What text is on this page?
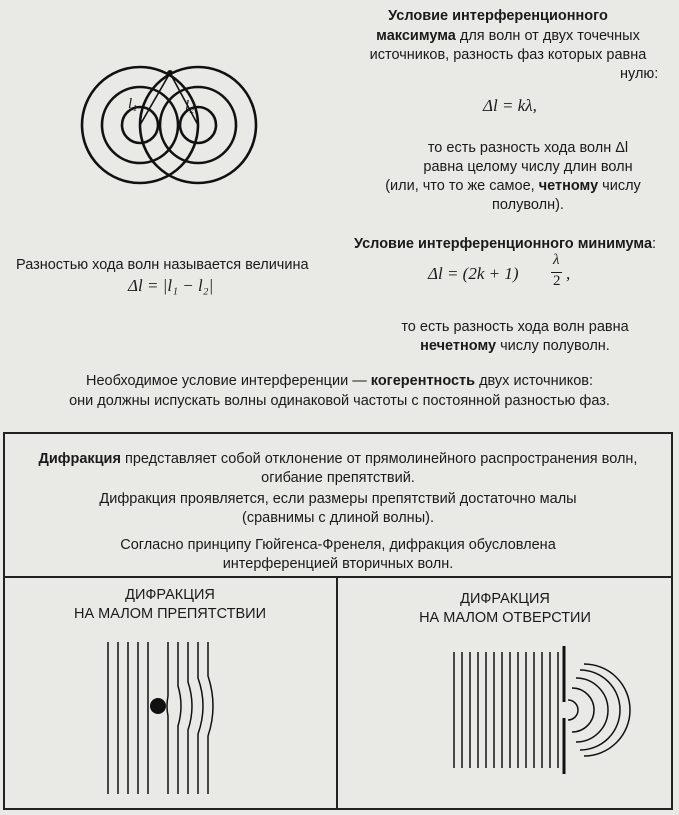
l₁	l₂
Условие интерференционного
максимума для волн от двух точечных
источников, разность фаз которых равна
нулю:
Δl = kλ,
то есть разность хода волн Δl
равна целому числу длин волн
(или, что то же самое, четному числу
полуволн).
Условие интерференционного минимума:
Δl = (2k + 1)
λ
2 ,
Разностью хода волн называется величина
Δl = |l₁ − l₂|
то есть разность хода волн равна
нечетному числу полуволн.
Необходимое условие интерференции — когерентность двух источников:
они должны испускать волны одинаковой частоты с постоянной разностью фаз.
Дифракция представляет собой отклонение от прямолинейного распространения волн,
огибание препятствий.
Дифракция проявляется, если размеры препятствий достаточно малы
(сравнимы с длиной волны).
Согласно принципу Гюйгенса-Френеля, дифракция обусловлена
интерференцией вторичных волн.
ДИФРАКЦИЯ
НА МАЛОМ ПРЕПЯТСТВИИ
ДИФРАКЦИЯ
НА МАЛОМ ОТВЕРСТИИ
